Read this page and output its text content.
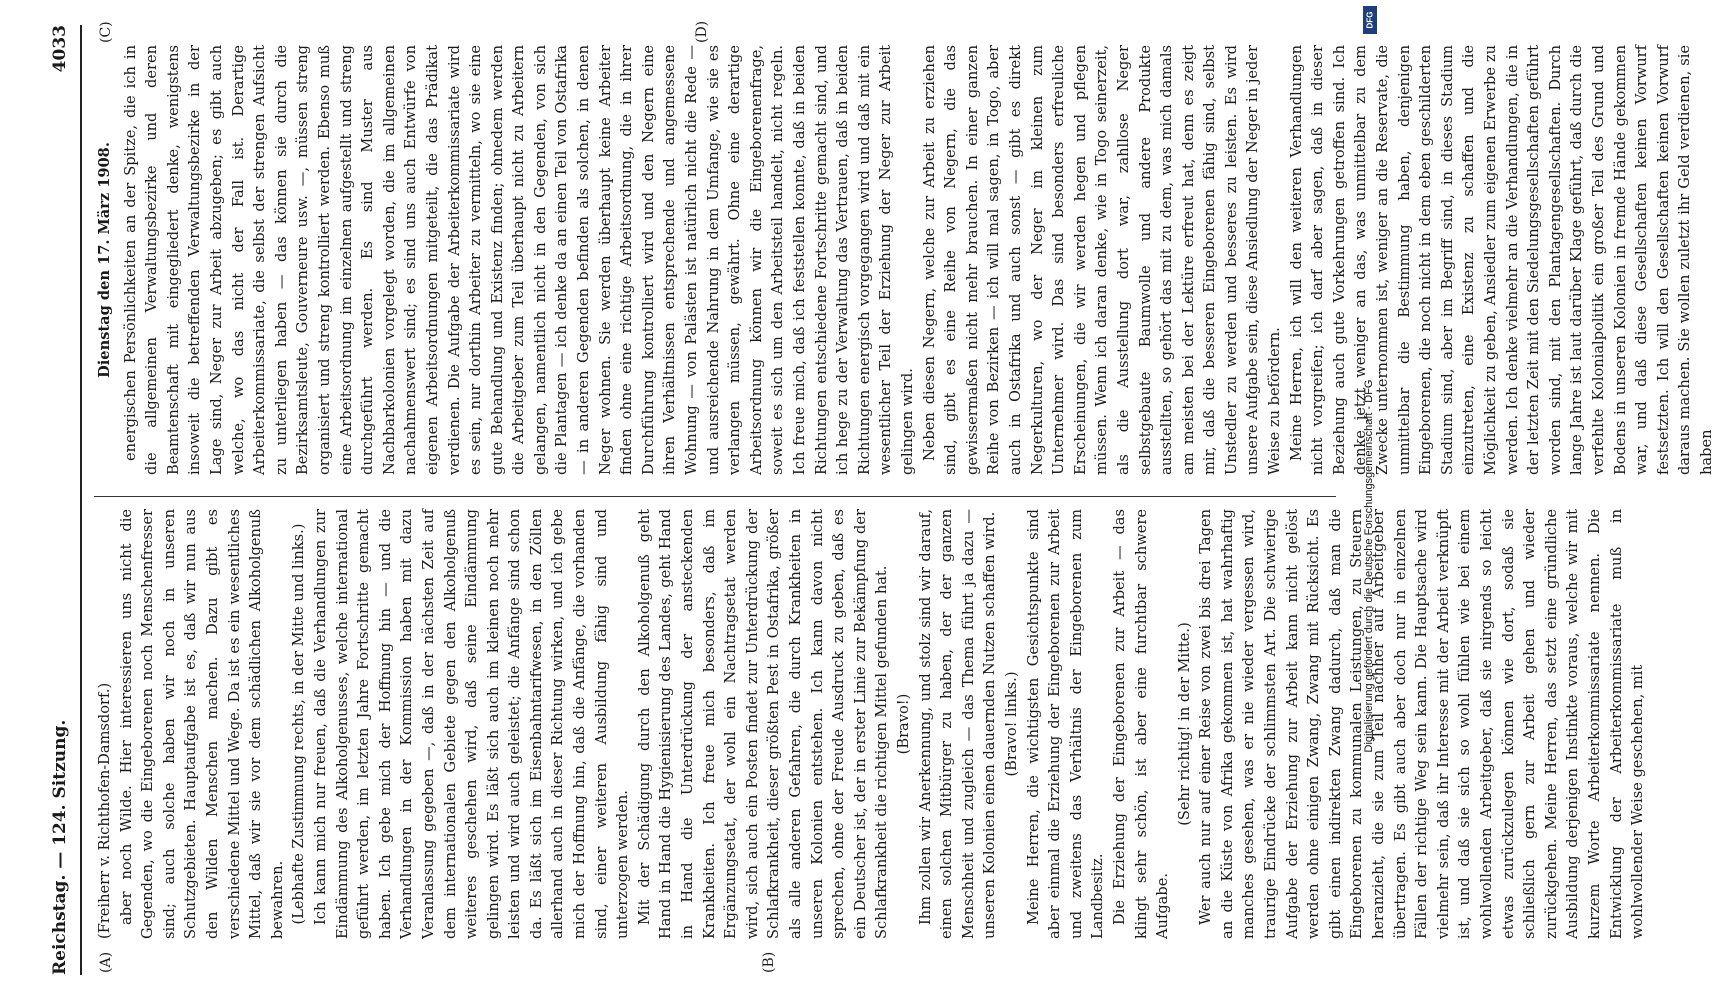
Reichstag. — 124. Sitzung.
4033
(A)	(B)

(Freiherr v. Richthofen-Damsdorf.) aber noch Wilde. Hier interessieren uns nicht die Gegenden, wo die Eingeborenen noch Menschenfresser sind; auch solche haben wir noch in unseren Schutzgebieten. Hauptaufgabe ist es, daß wir nun aus den Wilden Menschen machen. Dazu gibt es verschiedene Mittel und Wege. Da ist es ein wesentliches Mittel, daß wir sie vor dem schädlichen Alkoholgenuß bewahren. (Lebhafte Zustimmung rechts, in der Mitte und links.) Ich kann mich nur freuen, daß die Verhandlungen zur Eindämmung des Alkoholgenusses, welche international geführt werden, im letzten Jahre Fortschritte gemacht haben. Ich gebe mich der Hoffnung hin — und die Verhandlungen in der Kommission haben mit dazu Veranlassung gegeben —, daß in der nächsten Zeit auf dem internationalen Gebiete gegen den Alkoholgenuß weiteres geschehen wird, daß seine Eindämmung gelingen wird. Es läßt sich auch im kleinen noch mehr leisten und wird auch geleistet; die Anfänge sind schon da. Es läßt sich im Eisenbahntarifwesen, in den Zöllen allerhand auch in dieser Richtung wirken, und ich gebe mich der Hoffnung hin, daß die Anfänge, die vorhanden sind, einer weiteren Ausbildung fähig sind und unterzogen werden. Mit der Schädigung durch den Alkoholgenuß geht Hand in Hand die Hygienisierung des Landes, geht Hand in Hand die Unterdrückung der ansteckenden Krankheiten. Ich freue mich besonders, daß im Ergänzungsetat, der wohl ein Nachtragsetat werden wird, sich auch ein Posten findet zur Unterdrückung der Schlafkrankheit, dieser größten Pest in Ostafrika, größer als alle anderen Gefahren, die durch Krankheiten in unseren Kolonien entstehen. Ich kann davon nicht sprechen, ohne der Freude Ausdruck zu geben, daß es ein Deutscher ist, der in erster Linie zur Bekämpfung der Schlafkrankheit die richtigen Mittel gefunden hat. (Bravo!) Ihm zollen wir Anerkennung, und stolz sind wir darauf, einen solchen Mitbürger zu haben, der der ganzen Menschheit und zugleich — das Thema führt ja dazu — unseren Kolonien einen dauernden Nutzen schaffen wird. (Bravo! links.) Meine Herren, die wichtigsten Gesichtspunkte sind aber einmal die Erziehung der Eingeborenen zur Arbeit und zweitens das Verhältnis der Eingeborenen zum Landbesitz. Die Erziehung der Eingeborenen zur Arbeit — das klingt sehr schön, ist aber eine furchtbar schwere Aufgabe.

(Sehr richtig! in der Mitte.) Wer auch nur auf einer Reise von zwei bis drei Tagen an die Küste von Afrika gekommen ist, hat wahrhaftig manches gesehen, was er nie wieder vergessen wird, traurige Eindrücke der schlimmsten Art. Die schwierige Aufgabe der Erziehung zur Arbeit kann nicht gelöst werden ohne einigen Zwang, Zwang mit Rücksicht. Es gibt einen indirekten Zwang dadurch, daß man die Eingeborenen zu kommunalen Leistungen, zu Steuern heranzieht, die sie zum Teil nachher auf Arbeitgeber übertragen. Es gibt auch aber doch nur in einzelnen Fällen der richtige Weg sein kann. Die Hauptsache wird vielmehr sein, daß ihr Interesse mit der Arbeit verknüpft ist, und daß sie sich so wohl fühlen wie bei einem wohlwollenden Arbeitgeber, daß sie nirgends so leicht etwas zurückzulegen können wie dort, sodaß sie schließlich gern zur Arbeit gehen und wieder zurückgehen. Meine Herren, das setzt eine gründliche Ausbildung derjenigen Instinkte voraus, welche wir mit kurzem Worte Arbeiterkommissariate nennen. Die Entwicklung der Arbeiterkommissariate muß in wohlwollender Weise geschehen, mit

Dienstag den 17. März 1908. energischen Persönlichkeiten an der Spitze, die ich in die allgemeinen Verwaltungsbezirke und deren Beamtenschaft mit eingegliedert denke, wenigstens insoweit die betreffenden Verwaltungsbezirke in der Lage sind, Neger zur Arbeit abzugeben; es gibt auch welche, wo das nicht der Fall ist. Derartige Arbeiterkommissariate, die selbst der strengen Aufsicht zu unterliegen haben — das können sie durch die Bezirksamtsleute, Gouverneure usw. —, müssen streng organisiert und streng kontrolliert werden. Ebenso muß eine Arbeitsordnung im einzelnen aufgestellt und streng durchgeführt werden. Es sind Muster aus Nachbarkolonien vorgelegt worden, die im allgemeinen nachahmenswert sind; es sind uns auch Entwürfe von eigenen Arbeitsordnungen mitgeteilt, die das Prädikat verdienen. Die Aufgabe der Arbeiterkommissariate wird es sein, nur dorthin Arbeiter zu vermitteln, wo sie eine gute Behandlung und Existenz finden; ohnedem werden die Arbeitgeber zum Teil überhaupt nicht zu Arbeitern gelangen, namentlich nicht in den Gegenden, von sich die Plantagen — ich denke da an einen Teil von Ostafrika — in anderen Gegenden befinden als solchen, in denen Neger wohnen. Sie werden überhaupt keine Arbeiter finden ohne eine richtige Arbeitsordnung, die in ihrer Durchführung kontrolliert wird und den Negern eine ihren Verhältnissen entsprechende und angemessene Wohnung — von Palästen ist natürlich nicht die Rede — und ausreichende Nahrung in dem Umfange, wie sie es verlangen müssen, gewährt. Ohne eine derartige Arbeitsordnung können wir die Eingeborenenfrage, soweit es sich um den Arbeitsteil handelt, nicht regeln. Ich freue mich, daß ich feststellen konnte, daß in beiden Richtungen entschiedene Fortschritte gemacht sind, und ich hege zu der Verwaltung das Vertrauen, daß in beiden Richtungen energisch vorgegangen wird und daß mit ein wesentlicher Teil der Erziehung der Neger zur Arbeit gelingen wird. Neben diesen Negern, welche zur Arbeit zu erziehen sind, gibt es eine Reihe von Negern, die das gewissermaßen nicht mehr brauchen. In einer ganzen Reihe von Bezirken — ich will mal sagen, in Togo, aber auch in Ostafrika und auch sonst — gibt es direkt Negerkulturen, wo der Neger im kleinen zum Unternehmer wird. Das sind besonders erfreuliche Erscheinungen, die wir werden hegen und pflegen müssen. Wenn ich daran denke, wie in Togo seinerzeit, als die Ausstellung dort war, zahllose Neger selbstgebaute Baumwolle und andere Produkte ausstellten, so gehört das mit zu dem, was mich damals am meisten bei der Lektüre erfreut hat, denn es zeigt mir, daß die besseren Eingeborenen fähig sind, selbst Unstedler zu werden und besseres zu leisten. Es wird unsere Aufgabe sein, diese Ansiedlung der Neger in jeder Weise zu befördern. Meine Herren, ich will den weiteren Verhandlungen nicht vorgreifen; ich darf aber sagen, daß in dieser Beziehung auch gute Vorkehrungen getroffen sind. Ich denke jetzt weniger an das, was unmittelbar zu dem Zwecke unternommen ist, weniger an die Reservate, die unmittelbar die Bestimmung haben, denjenigen Eingeborenen, die noch nicht in dem eben geschilderten Stadium sind, aber im Begriff sind, in dieses Stadium einzutreten, eine Existenz zu schaffen und die Möglichkeit zu geben, Ansiedler zum eigenen Erwerbe zu werden. Ich denke vielmehr an die Verhandlungen, die in der letzten Zeit mit den Siedelungsgesellschaften geführt worden sind, mit den Plantagengesellschaften. Durch lange Jahre ist laut darüber Klage geführt, daß durch die verfehlte Kolonialpolitik ein großer Teil des Grund und Bodens in unseren Kolonien in fremde Hände gekommen war, und daß diese Gesellschaften keinen Vorwurf festsetzten. Ich will den Gesellschaften keinen Vorwurf daraus machen. Sie wollen zuletzt ihr Geld verdienen, sie haben

(C)	(D)
DFG
Digitalisierung gefördert durch die Deutsche Forschungsgemeinschaft - DFG
